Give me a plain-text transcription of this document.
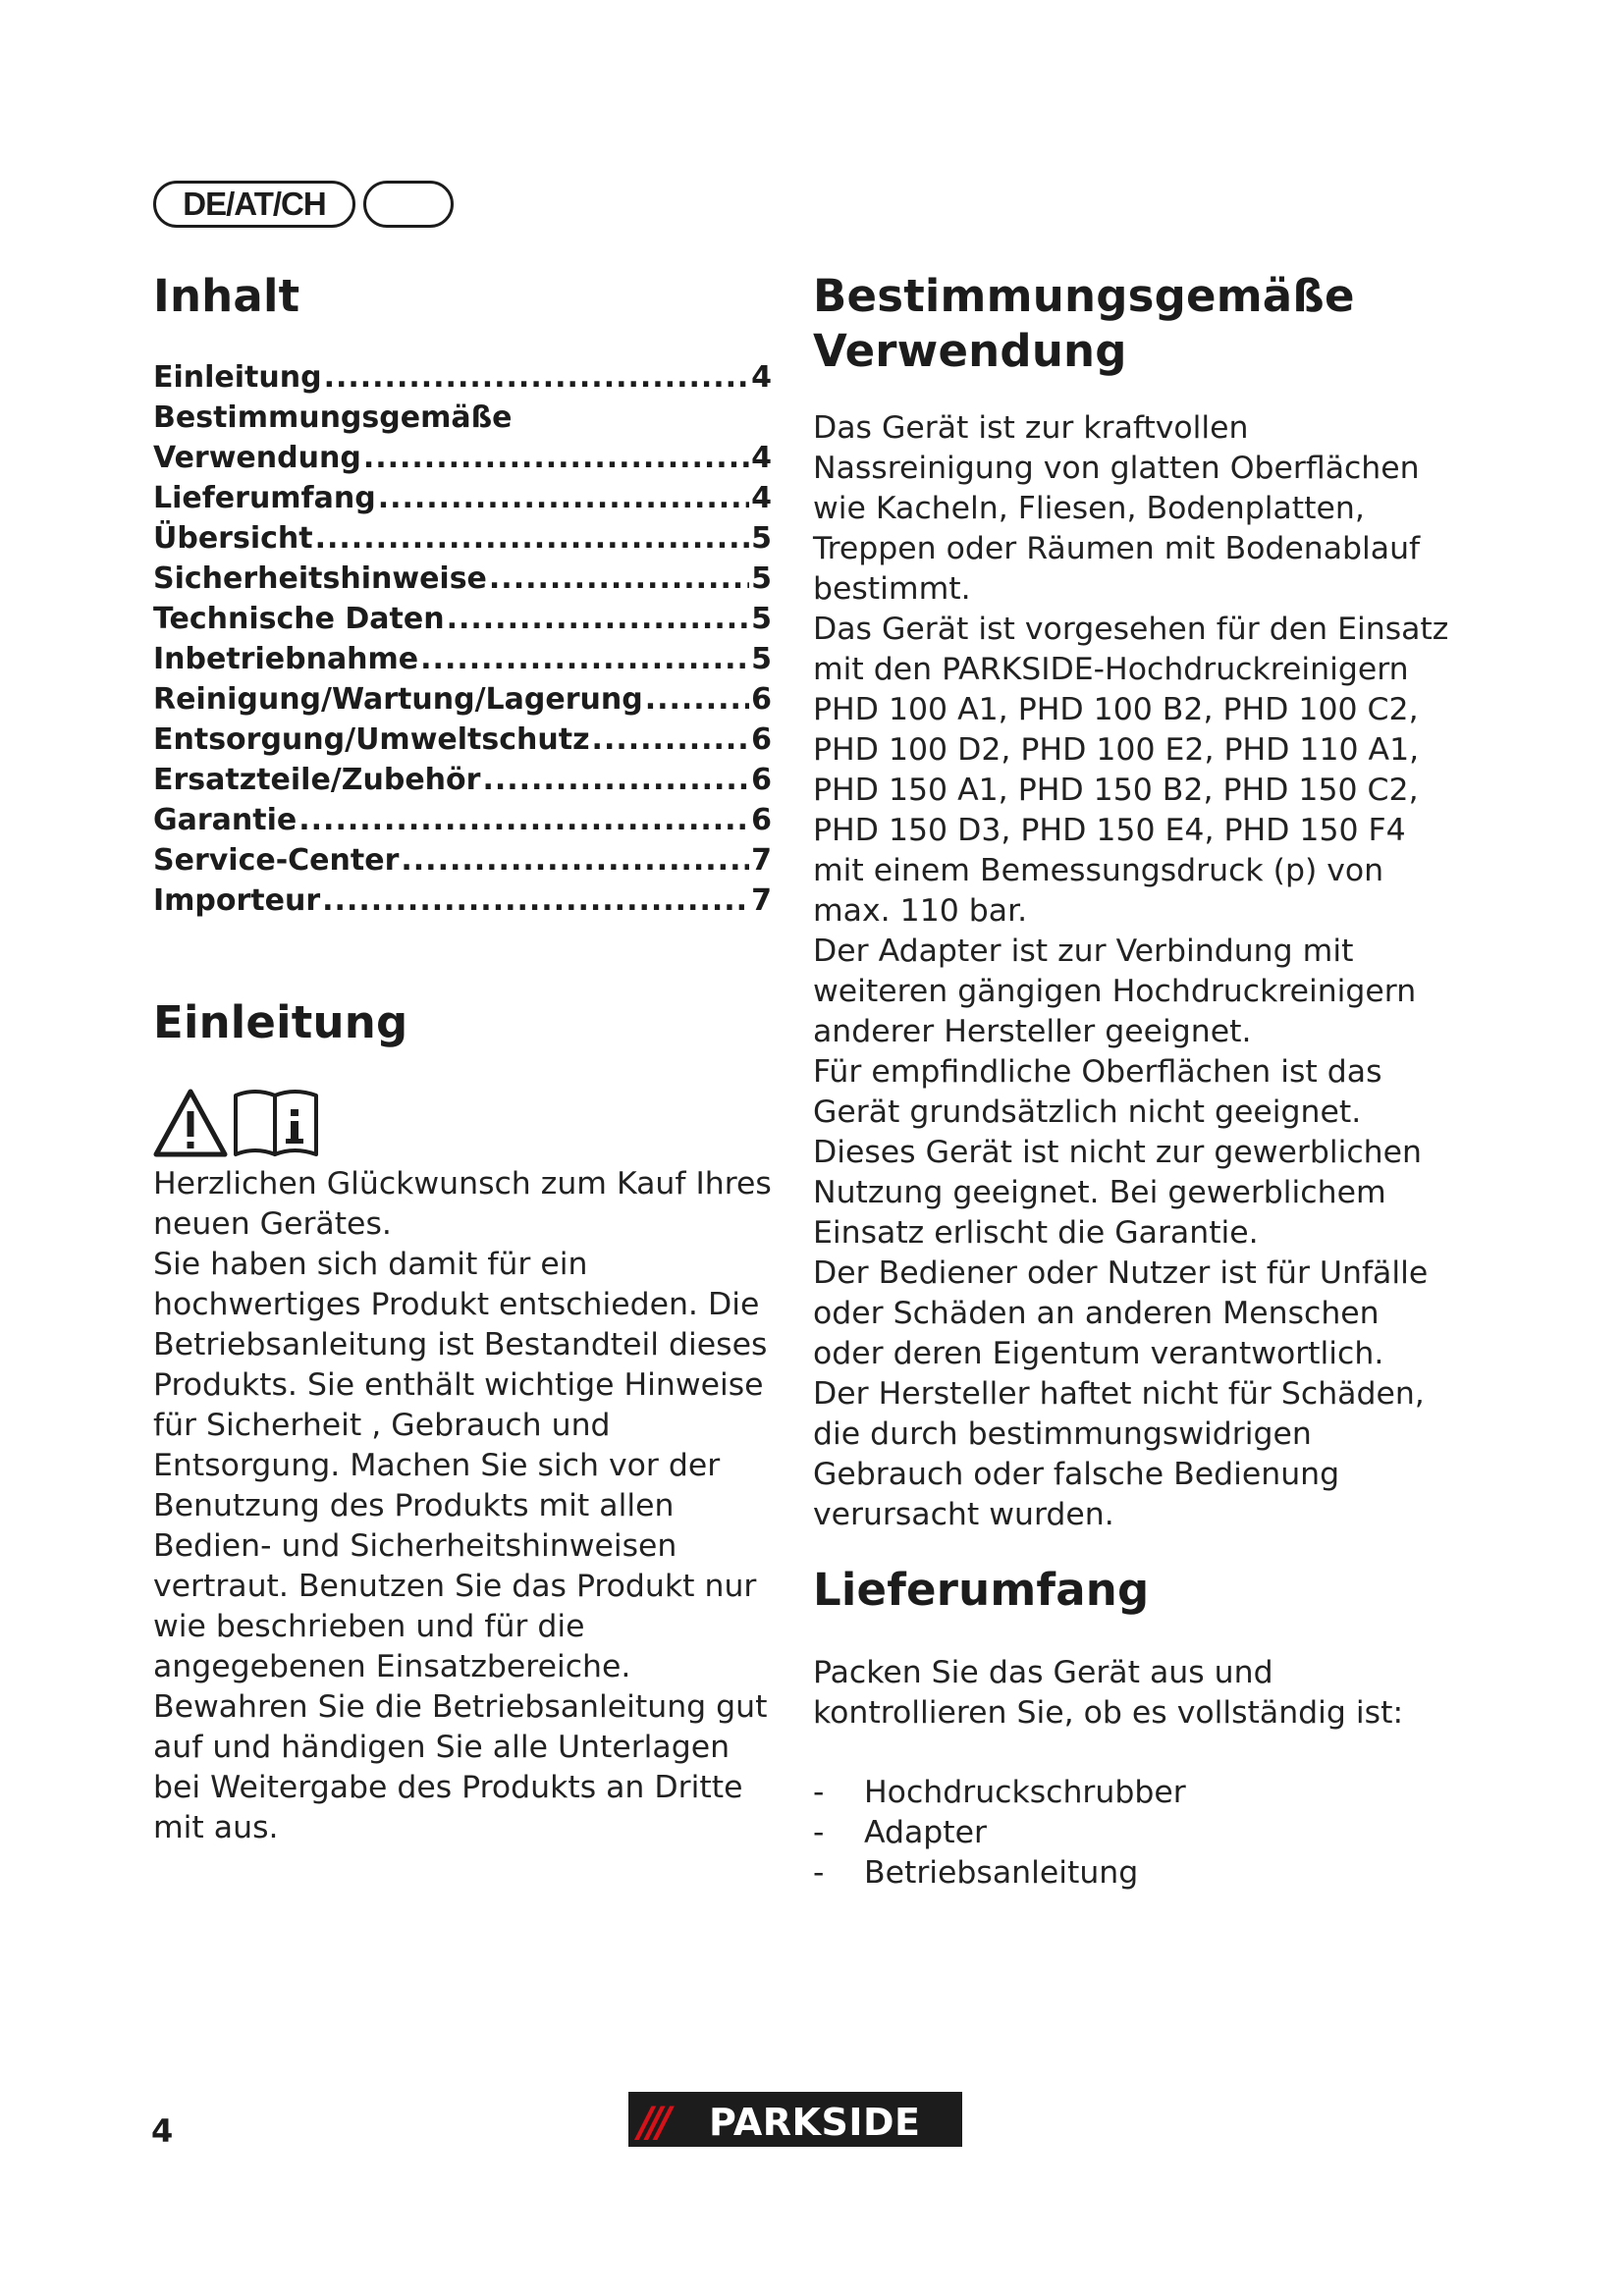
DE/AT/CH
Inhalt
Einleitung .....	4
Bestimmungsgemäße
Verwendung .....	4
Lieferumfang .....	4
Übersicht .....	5
Sicherheitshinweise .....	5
Technische Daten .....	5
Inbetriebnahme .....	5
Reinigung/Wartung/Lagerung .....	6
Entsorgung/Umweltschutz .....	6
Ersatzteile/Zubehör .....	6
Garantie .....	6
Service-Center .....	7
Importeur .....	7
Einleitung

Herzlichen Glückwunsch zum Kauf Ihres neuen Gerätes.

Sie haben sich damit für ein hochwertiges Produkt entschieden. Die Betriebsanleitung ist Bestandteil dieses Produkts. Sie enthält wichtige Hinweise für Sicherheit , Gebrauch und Entsorgung. Machen Sie sich vor der Benutzung des Produkts mit allen Bedien- und Sicherheitshinweisen vertraut. Benutzen Sie das Produkt nur wie beschrieben und für die angegebenen Einsatzbereiche.

Bewahren Sie die Betriebsanleitung gut auf und händigen Sie alle Unterlagen bei Weitergabe des Produkts an Dritte mit aus.

Bestimmungsgemäße
Verwendung

Das Gerät ist zur kraftvollen Nassreinigung von glatten Oberflächen wie Kacheln, Fliesen, Bodenplatten, Treppen oder Räumen mit Bodenablauf bestimmt.

Das Gerät ist vorgesehen für den Einsatz mit den PARKSIDE-Hochdruckreinigern PHD 100 A1, PHD 100 B2, PHD 100 C2, PHD 100 D2, PHD 100 E2, PHD 110 A1, PHD 150 A1, PHD 150 B2, PHD 150 C2, PHD 150 D3, PHD 150 E4, PHD 150 F4 mit einem Bemessungsdruck (p) von max. 110 bar.

Der Adapter ist zur Verbindung mit weiteren gängigen Hochdruckreinigern anderer Hersteller geeignet.

Für empfindliche Oberflächen ist das Gerät grundsätzlich nicht geeignet.

Dieses Gerät ist nicht zur gewerblichen Nutzung geeignet. Bei gewerblichem Einsatz erlischt die Garantie.

Der Bediener oder Nutzer ist für Unfälle oder Schäden an anderen Menschen oder deren Eigentum verantwortlich.

Der Hersteller haftet nicht für Schäden, die durch bestimmungswidrigen Gebrauch oder falsche Bedienung verursacht wurden.

Lieferumfang
Packen Sie das Gerät aus und kontrollieren Sie, ob es vollständig ist:
-	Hochdruckschrubber
-	Adapter
-	Betriebsanleitung
4	/// PARKSIDE
